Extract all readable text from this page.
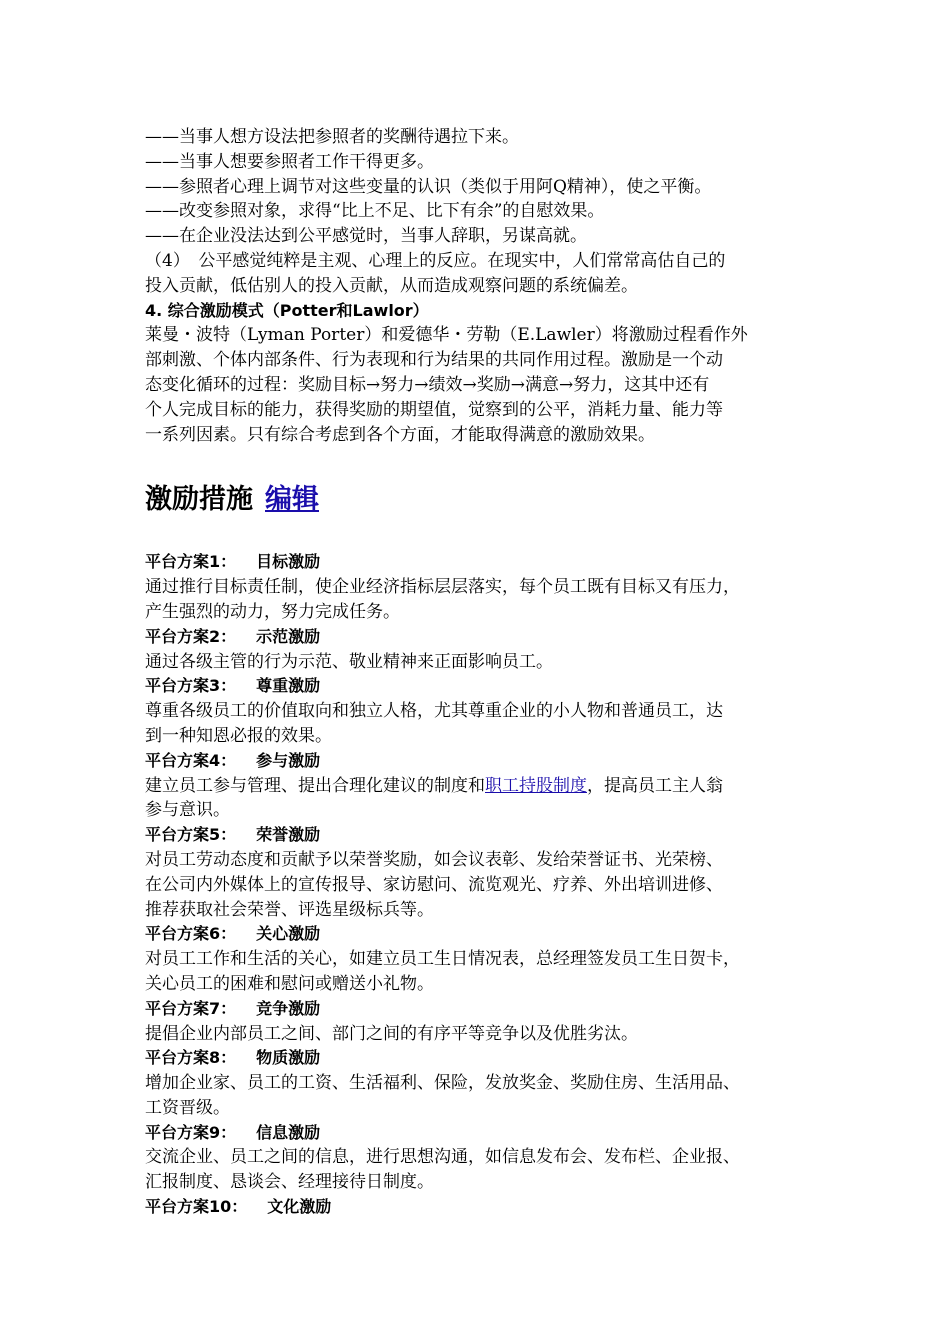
——当事人想方设法把参照者的奖酬待遇拉下来。

——当事人想要参照者工作干得更多。

——参照者心理上调节对这些变量的认识（类似于用阿Q精神），使之平衡。

——改变参照对象，求得“比上不足、比下有余”的自慰效果。

——在企业没法达到公平感觉时，当事人辞职，另谋高就。

（4）　公平感觉纯粹是主观、心理上的反应。在现实中，人们常常高估自己的

投入贡献，低估别人的投入贡献，从而造成观察问题的系统偏差。

4. 综合激励模式（Potter和Lawlor）

莱曼・波特（Lyman Porter）和爱德华・劳勒（E.Lawler）将激励过程看作外

部刺激、个体内部条件、行为表现和行为结果的共同作用过程。激励是一个动

态变化循环的过程：奖励目标→努力→绩效→奖励→满意→努力，这其中还有

个人完成目标的能力，获得奖励的期望值，觉察到的公平，消耗力量、能力等

一系列因素。只有综合考虑到各个方面，才能取得满意的激励效果。

激励措施 编辑

平台方案1： 目标激励

通过推行目标责任制，使企业经济指标层层落实，每个员工既有目标又有压力，

产生强烈的动力，努力完成任务。

平台方案2： 示范激励

通过各级主管的行为示范、敬业精神来正面影响员工。

平台方案3： 尊重激励

尊重各级员工的价值取向和独立人格，尤其尊重企业的小人物和普通员工，达

到一种知恩必报的效果。

平台方案4： 参与激励

建立员工参与管理、提出合理化建议的制度和职工持股制度，提高员工主人翁

参与意识。

平台方案5： 荣誉激励

对员工劳动态度和贡献予以荣誉奖励，如会议表彰、发给荣誉证书、光荣榜、

在公司内外媒体上的宣传报导、家访慰问、流览观光、疗养、外出培训进修、

推荐获取社会荣誉、评选星级标兵等。

平台方案6： 关心激励

对员工工作和生活的关心，如建立员工生日情况表，总经理签发员工生日贺卡，

关心员工的困难和慰问或赠送小礼物。

平台方案7： 竞争激励

提倡企业内部员工之间、部门之间的有序平等竞争以及优胜劣汰。

平台方案8： 物质激励

增加企业家、员工的工资、生活福利、保险，发放奖金、奖励住房、生活用品、

工资晋级。

平台方案9： 信息激励

交流企业、员工之间的信息，进行思想沟通，如信息发布会、发布栏、企业报、

汇报制度、恳谈会、经理接待日制度。

平台方案10： 文化激励
